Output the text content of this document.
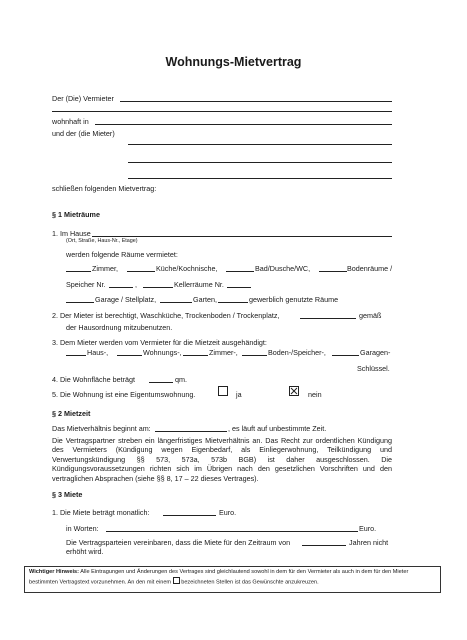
Wohnungs-Mietvertrag
Der (Die) Vermieter
wohnhaft in
und der (die Mieter)
schließen folgenden Mietvertrag:
§ 1 Mieträume
1. Im Hause
(Ort, Straße, Haus-Nr., Etage)
werden folgende Räume vermietet:
Zimmer,	Küche/Kochnische,	Bad/Dusche/WC,	Bodenräume /
Speicher Nr.	,	Kellerräume Nr.
Garage / Stellplatz,	Garten,	gewerblich genutzte Räume
2. Der Mieter ist berechtigt, Waschküche, Trockenboden / Trockenplatz,	gemäß
der Hausordnung mitzubenutzen.
3. Dem Mieter werden vom Vermieter für die Mietzeit ausgehändigt:
Haus-,	Wohnungs-,	Zimmer-,	Boden-/Speicher-,	Garagen-
Schlüssel.
4. Die Wohnfläche beträgt	qm.
5. Die Wohnung ist eine Eigentumswohnung.	ja	nein
§ 2 Mietzeit
Das Mietverhältnis beginnt am:	, es läuft auf unbestimmte Zeit.
Die Vertragspartner streben ein längerfristiges Mietverhältnis an. Das Recht zur ordentlichen Kündigung des Vermieters (Kündigung wegen Eigenbedarf, als Einliegerwohnung, Teilkündigung und Verwertungskündigung §§ 573, 573a, 573b BGB) ist daher ausgeschlossen. Die Kündigungsvoraussetzungen richten sich im Übrigen nach den gesetzlichen Vorschriften und den vertraglichen Absprachen (siehe §§ 8, 17 – 22 dieses Vertrages).
§ 3 Miete
1. Die Miete beträgt monatlich:	Euro.
in Worten:	Euro.
Die Vertragsparteien vereinbaren, dass die Miete für den Zeitraum von	Jahren nicht
erhöht wird.
Wichtiger Hinweis: Alle Eintragungen und Änderungen des Vertrages sind gleichlautend sowohl in dem für den Vermieter als auch in dem für den Mieter bestimmten Vertragstext vorzunehmen. An den mit einem  bezeichneten Stellen ist das Gewünschte anzukreuzen.
